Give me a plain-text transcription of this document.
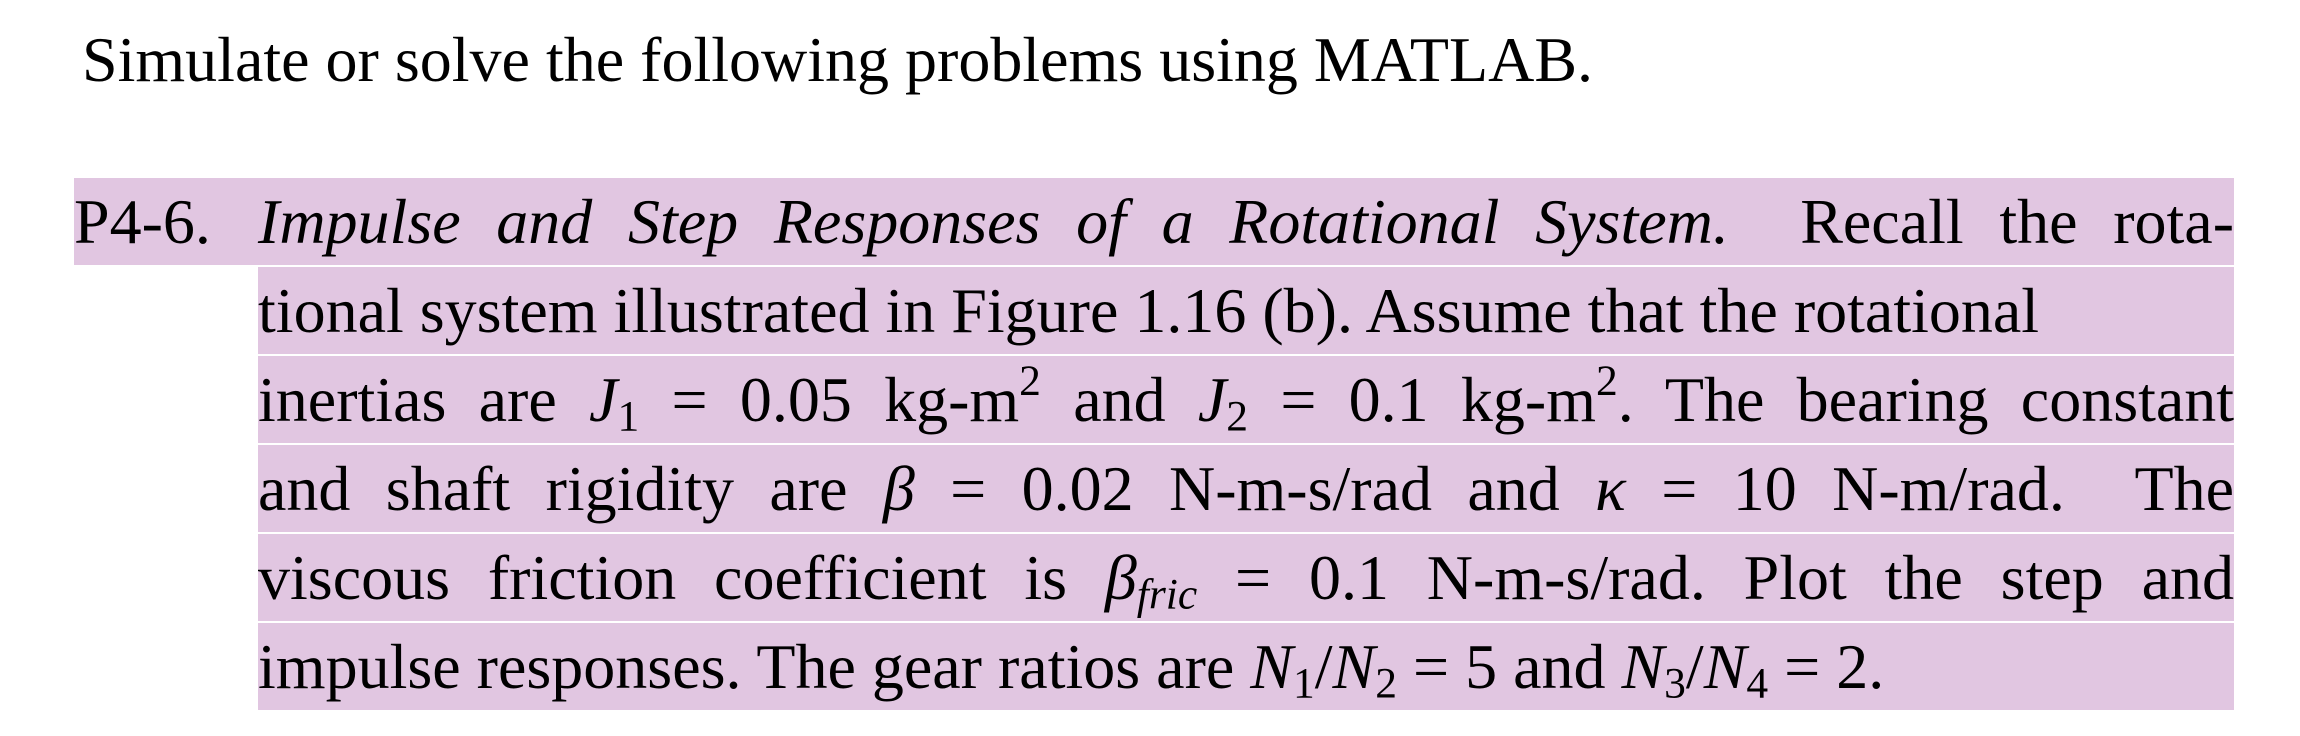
Simulate or solve the following problems using MATLAB.
P4-6. Impulse and Step Responses of a Rotational System. Recall the rota-
tional system illustrated in Figure 1.16 (b). Assume that the rotational
inertias are $J_1 = 0.05$ $kg-m^2$ and $J_2 = 0.1$ $kg-m^2$. The bearing constant
and shaft rigidity are β = 0.02 N-m-s/rad and κ = 10 N-m/rad. The
viscous friction coefficient is $\beta_{fric} = 0.1$ N-m-s/rad. Plot the step and
impulse responses. The gear ratios are $N_1/N_2 = 5$ and $N_3/N_4 = 2$.
